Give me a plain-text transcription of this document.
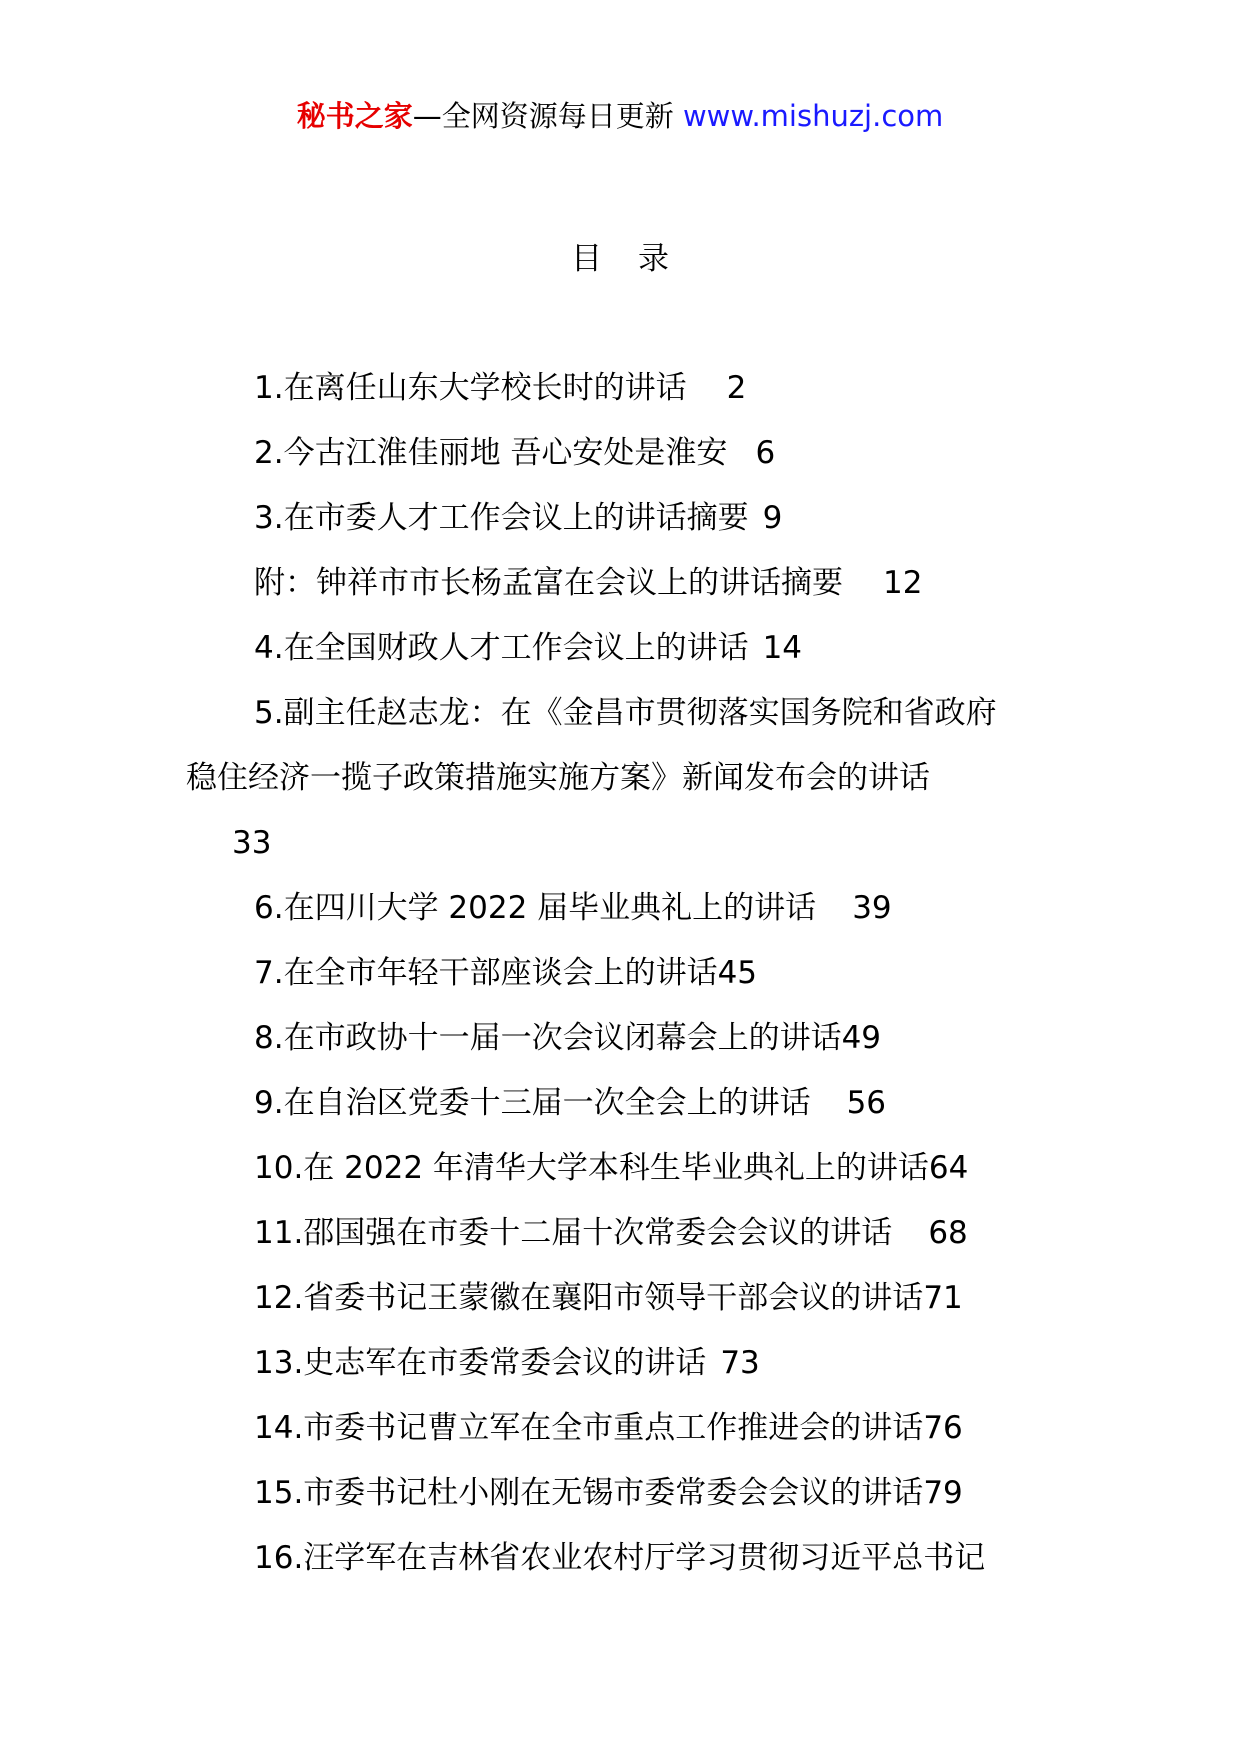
秘书之家—全网资源每日更新 www.mishuzj.com
目录
1.在离任山东大学校长时的讲话 2
2.今古江淮佳丽地 吾心安处是淮安 6
3.在市委人才工作会议上的讲话摘要 9
附：钟祥市市长杨孟富在会议上的讲话摘要 12
4.在全国财政人才工作会议上的讲话 14
5.副主任赵志龙：在《金昌市贯彻落实国务院和省政府
稳住经济一揽子政策措施实施方案》新闻发布会的讲话
33
6.在四川大学 2022 届毕业典礼上的讲话 39
7.在全市年轻干部座谈会上的讲话45
8.在市政协十一届一次会议闭幕会上的讲话49
9.在自治区党委十三届一次全会上的讲话 56
10.在 2022 年清华大学本科生毕业典礼上的讲话64
11.邵国强在市委十二届十次常委会会议的讲话 68
12.省委书记王蒙徽在襄阳市领导干部会议的讲话71
13.史志军在市委常委会议的讲话 73
14.市委书记曹立军在全市重点工作推进会的讲话76
15.市委书记杜小刚在无锡市委常委会会议的讲话79
16.汪学军在吉林省农业农村厅学习贯彻习近平总书记
